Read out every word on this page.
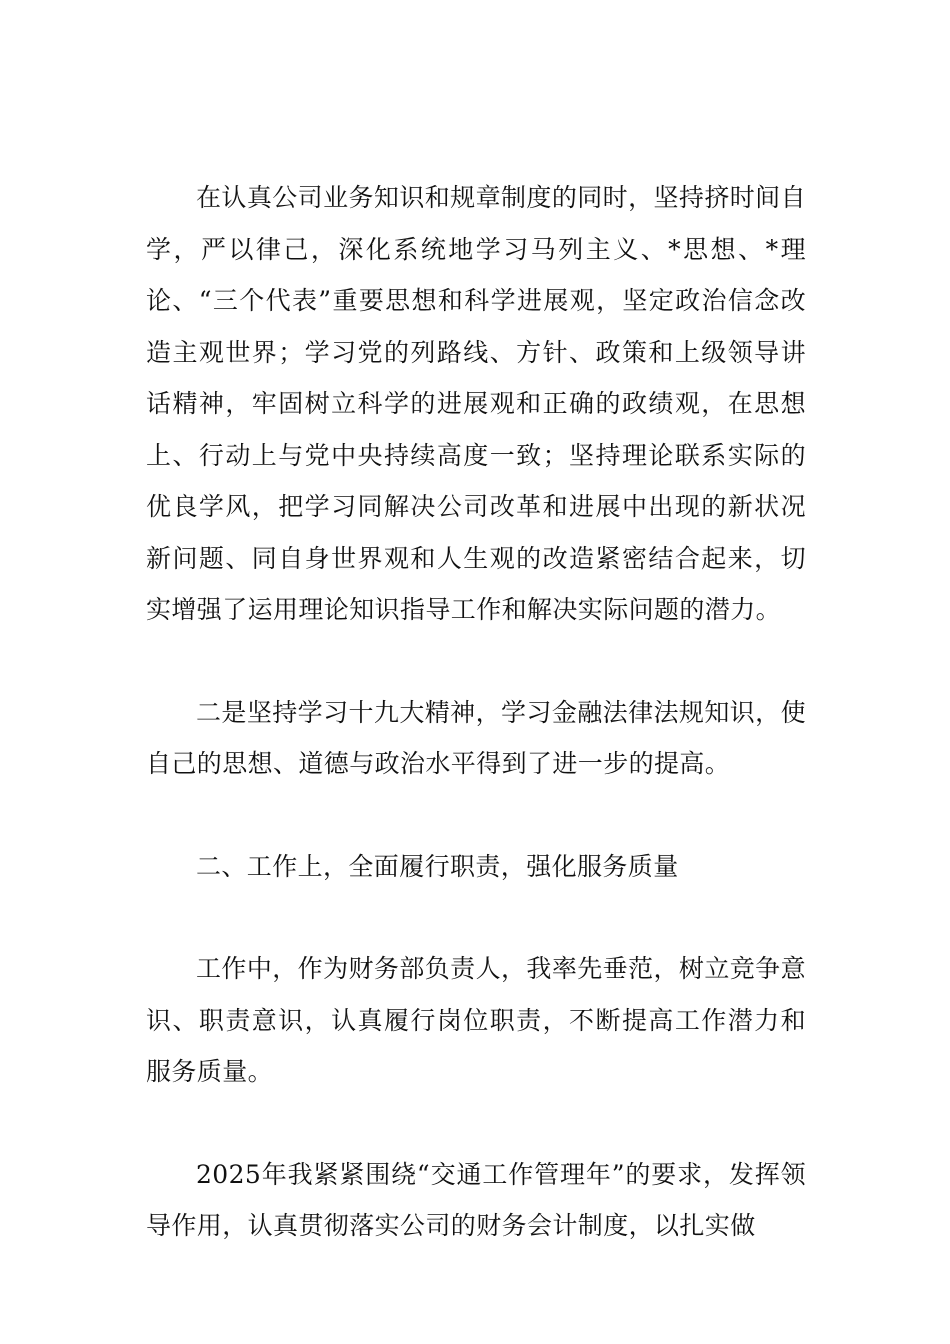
在认真公司业务知识和规章制度的同时，坚持挤时间自学，严以律己，深化系统地学习马列主义、*思想、*理论、“三个代表”重要思想和科学进展观，坚定政治信念改造主观世界；学习党的列路线、方针、政策和上级领导讲话精神，牢固树立科学的进展观和正确的政绩观，在思想上、行动上与党中央持续高度一致；坚持理论联系实际的优良学风，把学习同解决公司改革和进展中出现的新状况新问题、同自身世界观和人生观的改造紧密结合起来，切实增强了运用理论知识指导工作和解决实际问题的潜力。

二是坚持学习十九大精神，学习金融法律法规知识，使自己的思想、道德与政治水平得到了进一步的提高。

二、工作上，全面履行职责，强化服务质量

工作中，作为财务部负责人，我率先垂范，树立竞争意识、职责意识，认真履行岗位职责，不断提高工作潜力和服务质量。

2025年我紧紧围绕“交通工作管理年”的要求，发挥领导作用，认真贯彻落实公司的财务会计制度，以扎实做
